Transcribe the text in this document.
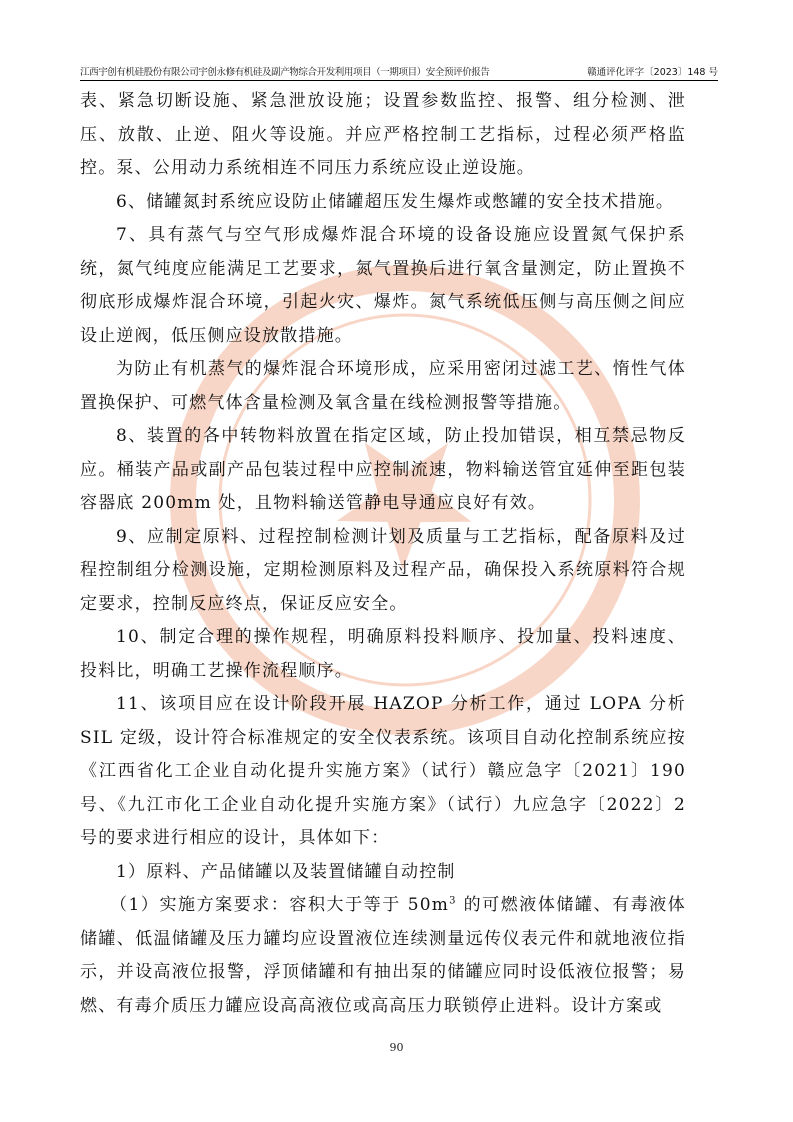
江西宇创有机硅股份有限公司宇创永修有机硅及副产物综合开发利用项目（一期项目）安全预评价报告	赣通评化评字〔2023〕148 号

表、紧急切断设施、紧急泄放设施；设置参数监控、报警、组分检测、泄压、放散、止逆、阻火等设施。并应严格控制工艺指标，过程必须严格监控。泵、公用动力系统相连不同压力系统应设止逆设施。

6、储罐氮封系统应设防止储罐超压发生爆炸或憋罐的安全技术措施。

7、具有蒸气与空气形成爆炸混合环境的设备设施应设置氮气保护系统，氮气纯度应能满足工艺要求，氮气置换后进行氧含量测定，防止置换不彻底形成爆炸混合环境，引起火灾、爆炸。氮气系统低压侧与高压侧之间应设止逆阀，低压侧应设放散措施。

为防止有机蒸气的爆炸混合环境形成，应采用密闭过滤工艺、惰性气体置换保护、可燃气体含量检测及氧含量在线检测报警等措施。

8、装置的各中转物料放置在指定区域，防止投加错误，相互禁忌物反应。桶装产品或副产品包装过程中应控制流速，物料输送管宜延伸至距包装容器底 200mm 处，且物料输送管静电导通应良好有效。

9、应制定原料、过程控制检测计划及质量与工艺指标，配备原料及过程控制组分检测设施，定期检测原料及过程产品，确保投入系统原料符合规定要求，控制反应终点，保证反应安全。

10、制定合理的操作规程，明确原料投料顺序、投加量、投料速度、投料比，明确工艺操作流程顺序。

11、该项目应在设计阶段开展 HAZOP 分析工作，通过 LOPA 分析 SIL 定级，设计符合标准规定的安全仪表系统。该项目自动化控制系统应按《江西省化工企业自动化提升实施方案》（试行）赣应急字〔2021〕190 号、《九江市化工企业自动化提升实施方案》（试行）九应急字〔2022〕2 号的要求进行相应的设计，具体如下：

1）原料、产品储罐以及装置储罐自动控制

（1）实施方案要求：容积大于等于 $50m^3$ 的可燃液体储罐、有毒液体储罐、低温储罐及压力罐均应设置液位连续测量远传仪表元件和就地液位指示，并设高液位报警，浮顶储罐和有抽出泵的储罐应同时设低液位报警；易燃、有毒介质压力罐应设高高液位或高高压力联锁停止进料。设计方案或

90
